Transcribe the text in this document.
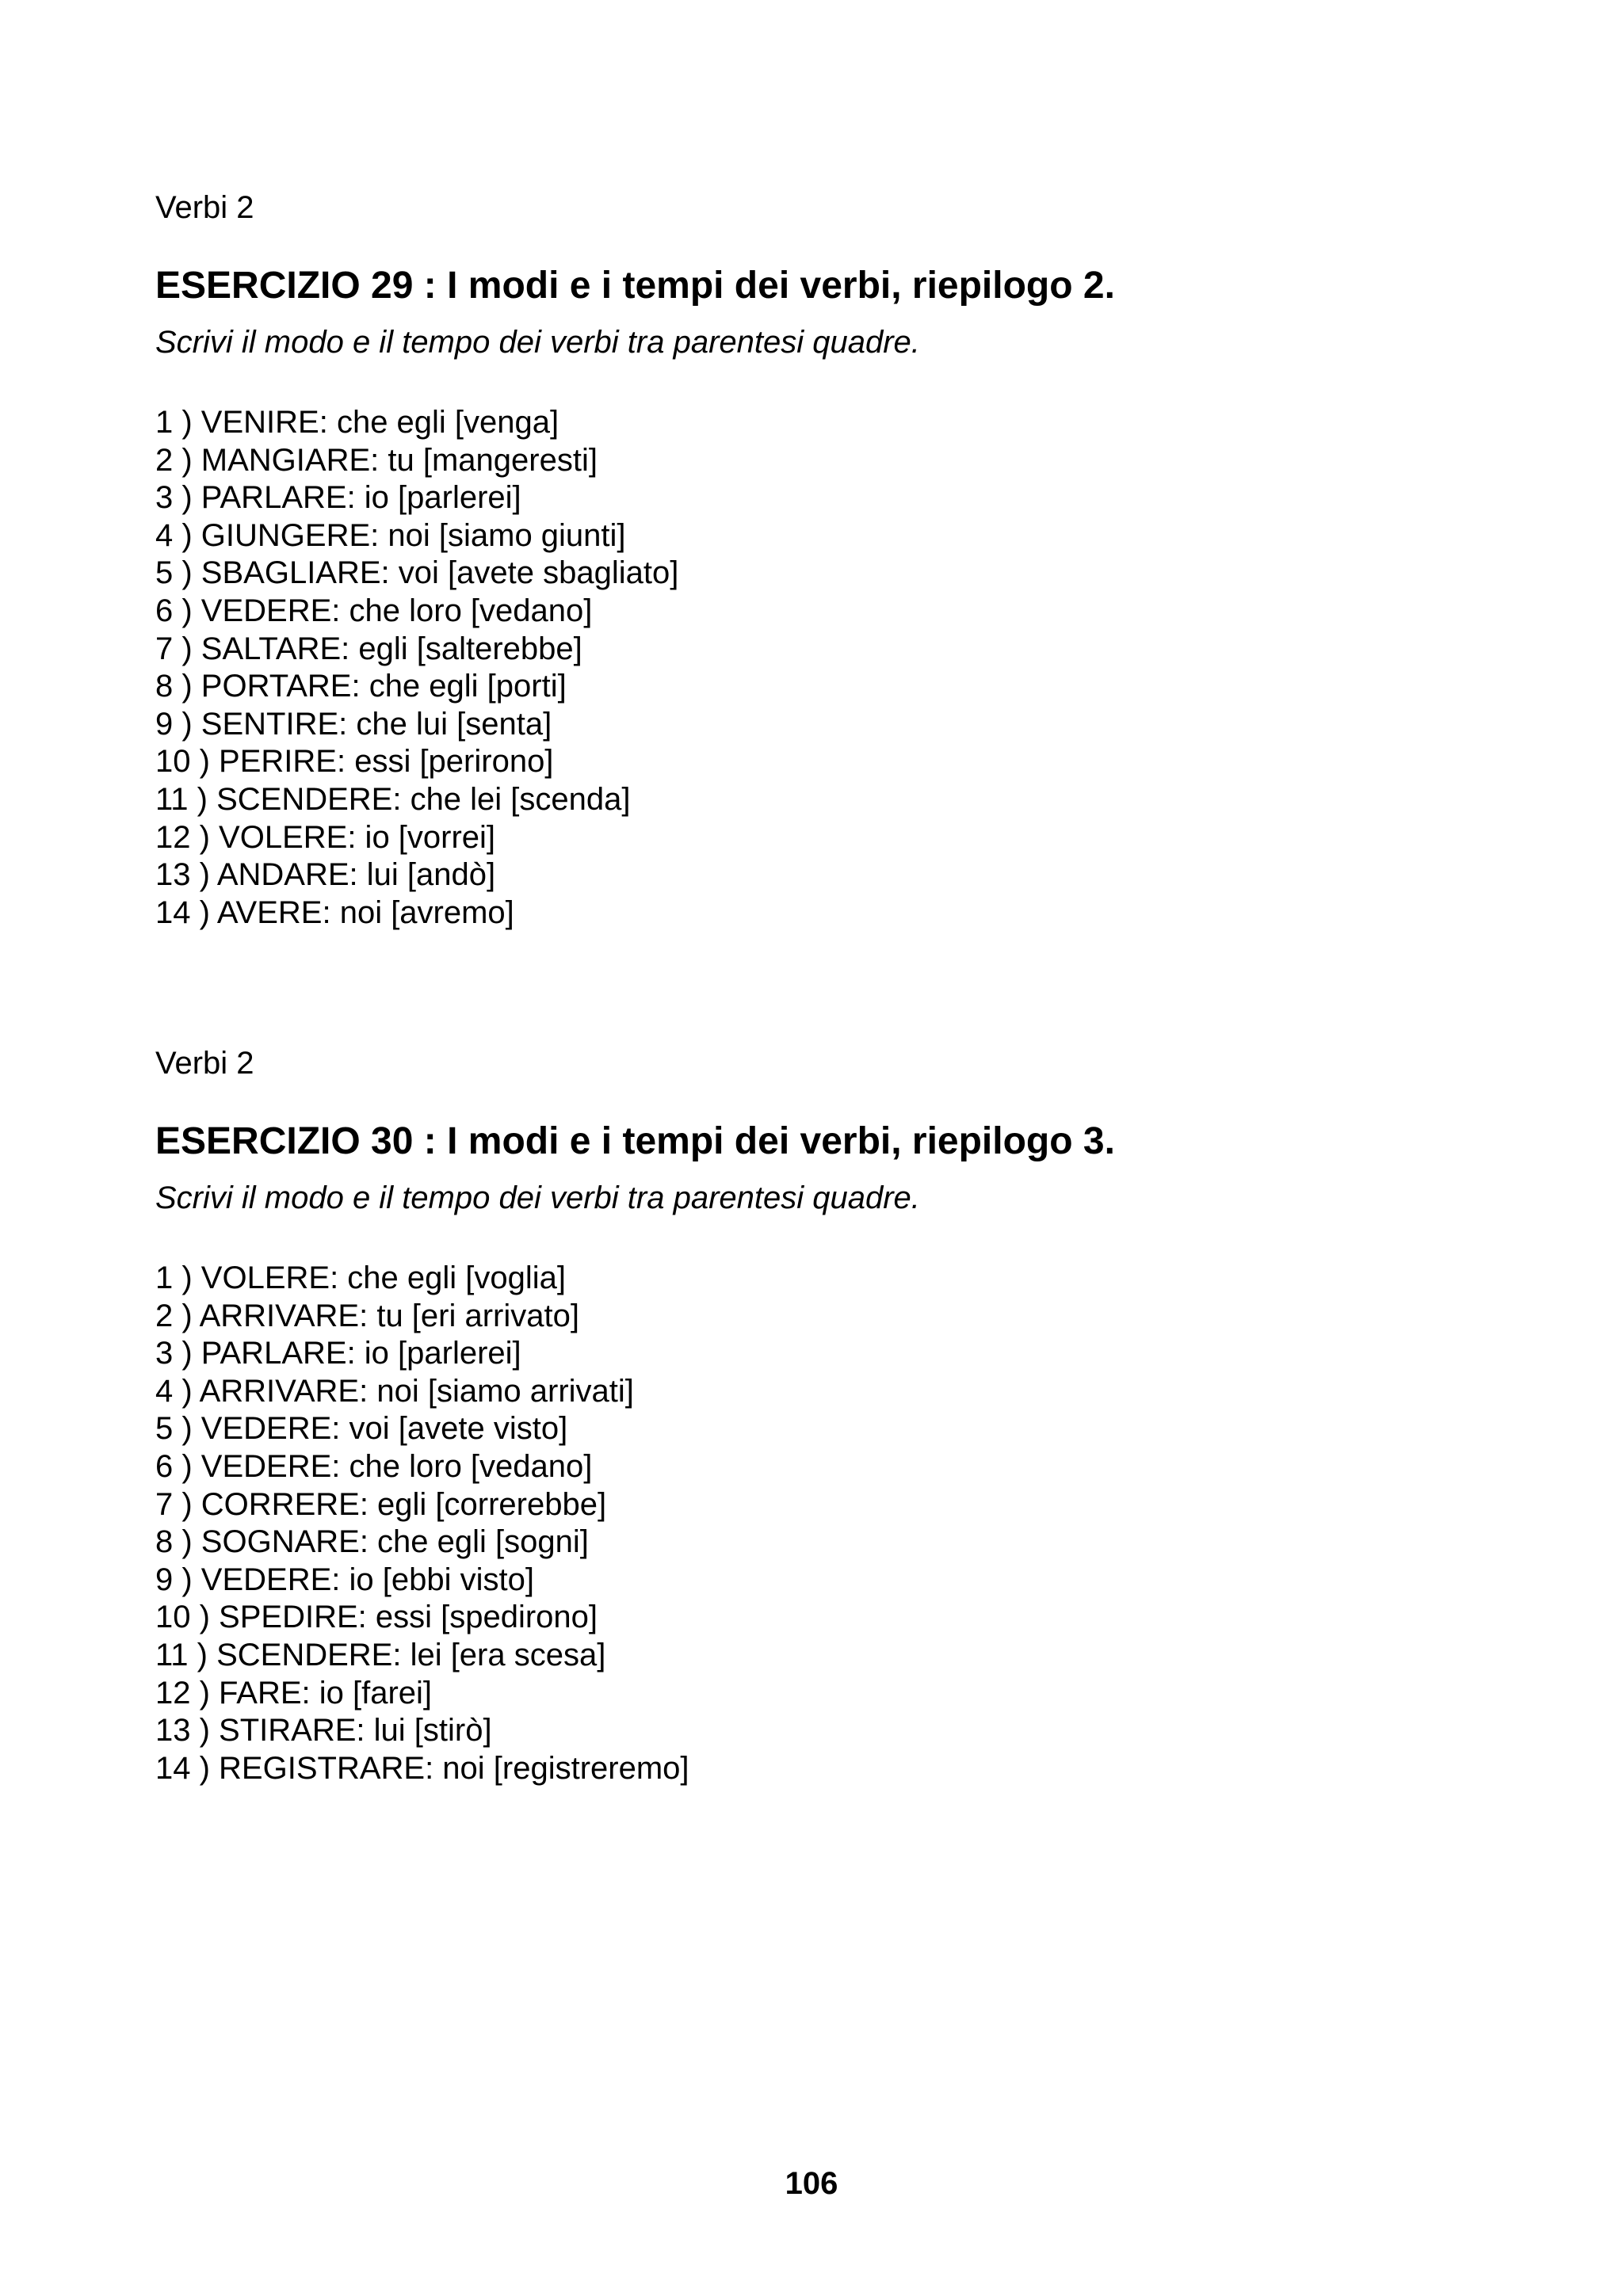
Verbi 2

ESERCIZIO 29 : I modi e i tempi dei verbi, riepilogo 2.

Scrivi il modo e il tempo dei verbi tra parentesi quadre.

1 ) VENIRE: che egli [venga]
2 ) MANGIARE: tu [mangeresti]
3 ) PARLARE: io [parlerei]
4 ) GIUNGERE: noi [siamo giunti]
5 ) SBAGLIARE: voi [avete sbagliato]
6 ) VEDERE: che loro [vedano]
7 ) SALTARE: egli [salterebbe]
8 ) PORTARE: che egli [porti]
9 ) SENTIRE: che lui [senta]
10 ) PERIRE: essi [perirono]
11 ) SCENDERE: che lei [scenda]
12 ) VOLERE: io [vorrei]
13 ) ANDARE: lui [andò]
14 ) AVERE: noi [avremo]

Verbi 2

ESERCIZIO 30 : I modi e i tempi dei verbi, riepilogo 3.

Scrivi il modo e il tempo dei verbi tra parentesi quadre.

1 ) VOLERE: che egli [voglia]
2 ) ARRIVARE: tu [eri arrivato]
3 ) PARLARE: io [parlerei]
4 ) ARRIVARE: noi [siamo arrivati]
5 ) VEDERE: voi [avete visto]
6 ) VEDERE: che loro [vedano]
7 ) CORRERE: egli [correrebbe]
8 ) SOGNARE: che egli [sogni]
9 ) VEDERE: io [ebbi visto]
10 ) SPEDIRE: essi [spedirono]
11 ) SCENDERE: lei [era scesa]
12 ) FARE: io [farei]
13 ) STIRARE: lui [stirò]
14 ) REGISTRARE: noi [registreremo]
106
